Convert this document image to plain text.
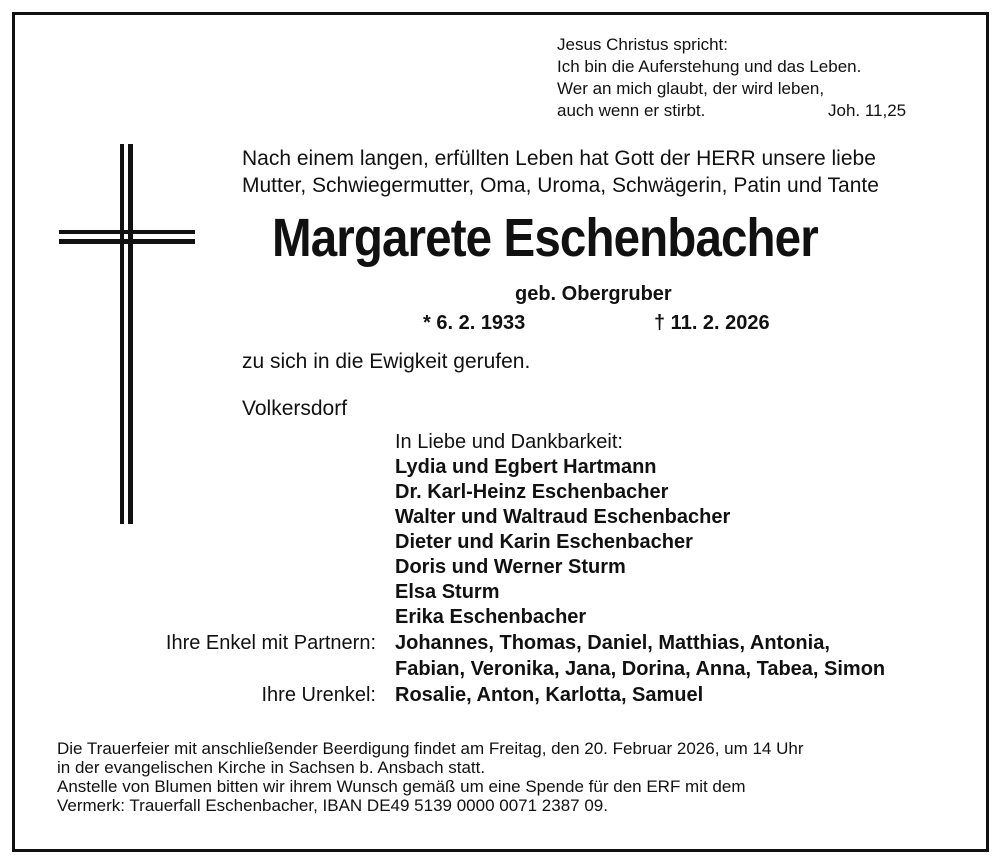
Jesus Christus spricht:
Ich bin die Auferstehung und das Leben.
Wer an mich glaubt, der wird leben,
auch wenn er stirbt.	Joh. 11,25
Nach einem langen, erfüllten Leben hat Gott der HERR unsere liebe
Mutter, Schwiegermutter, Oma, Uroma, Schwägerin, Patin und Tante
Margarete Eschenbacher
geb. Obergruber
* 6. 2. 1933	† 11. 2. 2026
zu sich in die Ewigkeit gerufen.
Volkersdorf
In Liebe und Dankbarkeit:
Lydia und Egbert Hartmann
Dr. Karl-Heinz Eschenbacher
Walter und Waltraud Eschenbacher
Dieter und Karin Eschenbacher
Doris und Werner Sturm
Elsa Sturm
Erika Eschenbacher
Ihre Enkel mit Partnern: Johannes, Thomas, Daniel, Matthias, Antonia,
Fabian, Veronika, Jana, Dorina, Anna, Tabea, Simon
Ihre Urenkel: Rosalie, Anton, Karlotta, Samuel
Die Trauerfeier mit anschließender Beerdigung findet am Freitag, den 20. Februar 2026, um 14 Uhr
in der evangelischen Kirche in Sachsen b. Ansbach statt.
Anstelle von Blumen bitten wir ihrem Wunsch gemäß um eine Spende für den ERF mit dem
Vermerk: Trauerfall Eschenbacher, IBAN DE49 5139 0000 0071 2387 09.
